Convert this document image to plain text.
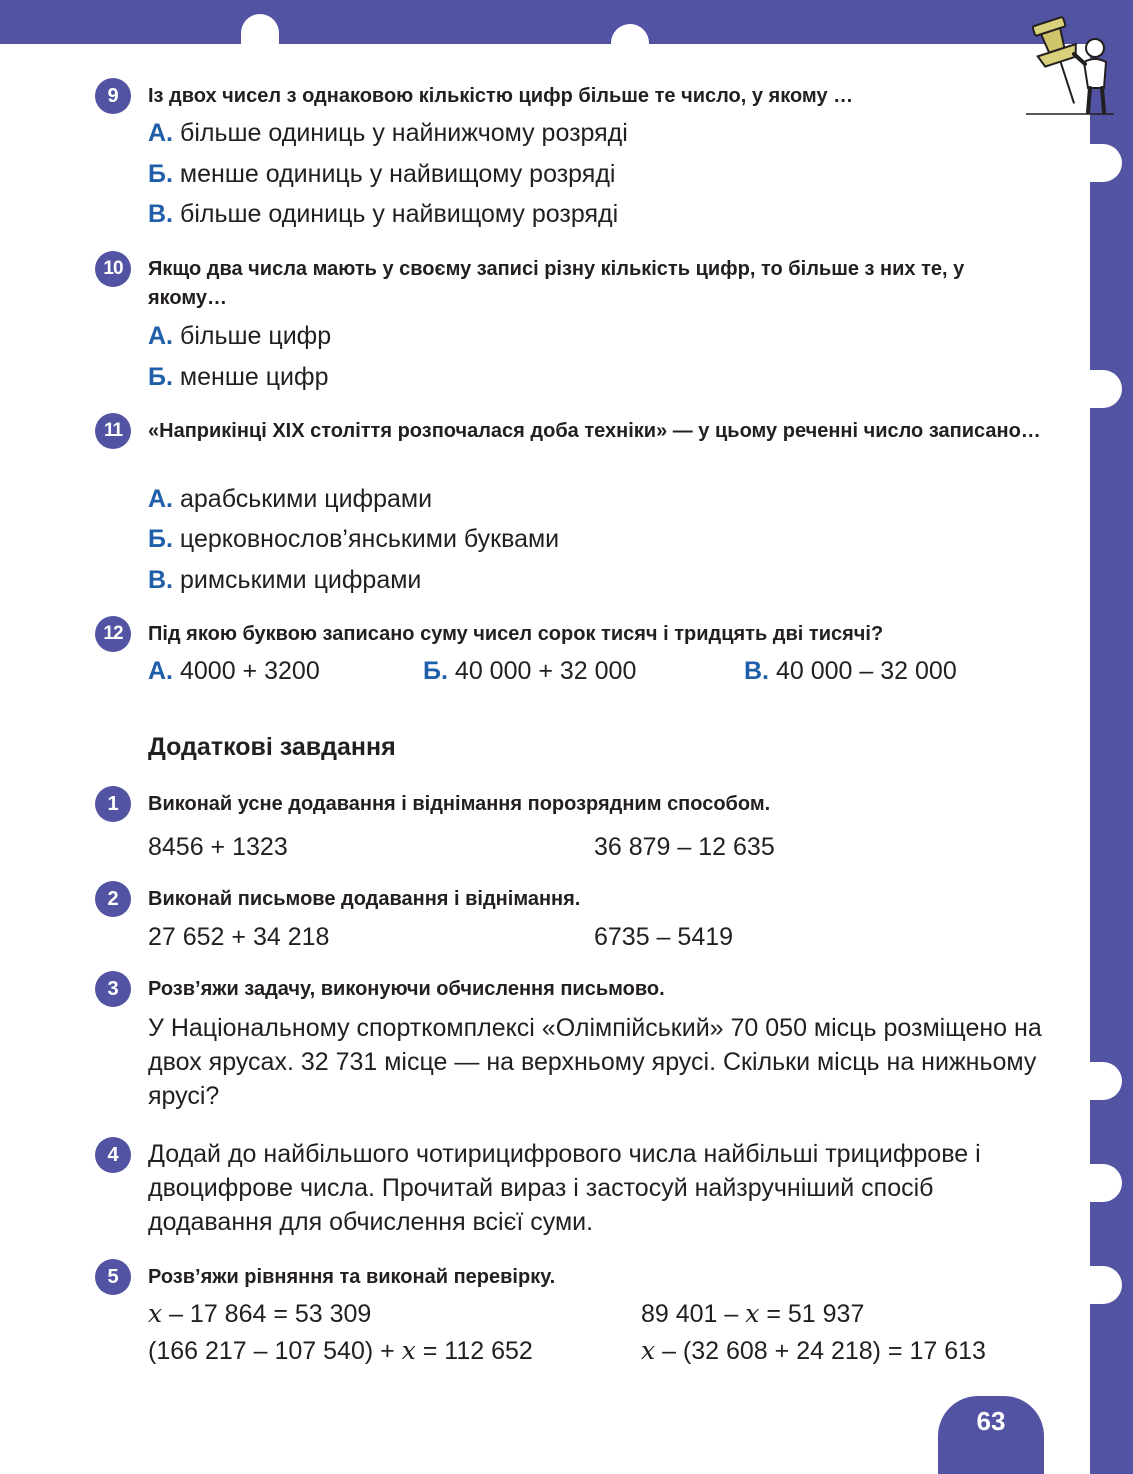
9	Із двох чисел з однаковою кількістю цифр більше те число, у якому …
А. більше одиниць у найнижчому розряді
Б. менше одиниць у найвищому розряді
В. більше одиниць у найвищому розряді
10	Якщо два числа мають у своєму записі різну кількість цифр, то більше з них те, у якому…
А. більше цифр
Б. менше цифр
11	«Наприкінці XIX століття розпочалася доба техніки» — у цьому реченні число записано…
А. арабськими цифрами
Б. церковнослов’янськими буквами
В. римськими цифрами
12	Під якою буквою записано суму чисел сорок тисяч і тридцять дві тисячі?
А. 4000 + 3200	Б. 40 000 + 32 000	В. 40 000 – 32 000
Додаткові завдання
1	Виконай усне додавання і віднімання порозрядним способом.
8456 + 1323	36 879 – 12 635
2	Виконай письмове додавання і віднімання.
27 652 + 34 218	6735 – 5419
3	Розв’яжи задачу, виконуючи обчислення письмово.
У Національному спорткомплексі «Олімпійський» 70 050 місць розміщено на двох ярусах. 32 731 місце — на верхньому ярусі. Скільки місць на нижньому ярусі?
4	Додай до найбільшого чотирицифрового числа найбільші трицифрове і двоцифрове числа. Прочитай вираз і застосуй найзручніший спосіб додавання для обчислення всієї суми.
5	Розв’яжи рівняння та виконай перевірку.
x – 17 864 = 53 309	89 401 – x = 51 937
(166 217 – 107 540) + x = 112 652	x – (32 608 + 24 218) = 17 613
63
